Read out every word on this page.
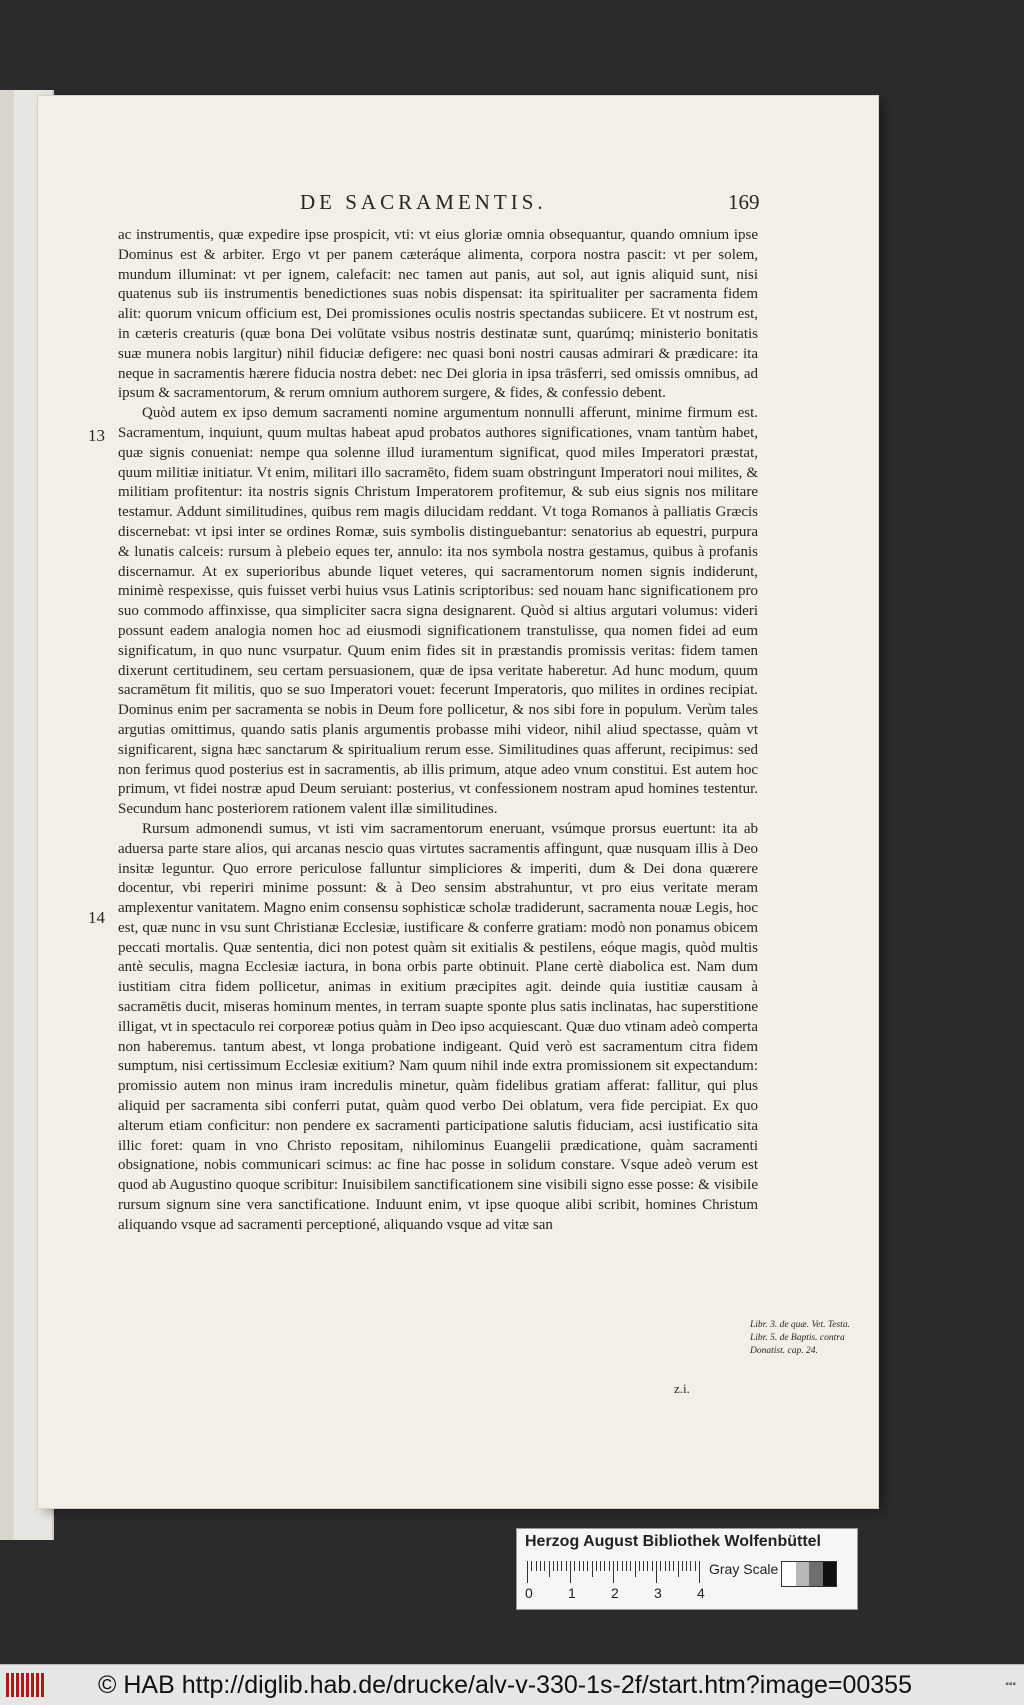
DE SACRAMENTIS.	169
13
14

ac instrumentis, quæ expedire ipse prospicit, vti: vt eius gloriæ omnia obsequantur, quando omnium ipse Dominus est & arbiter. Ergo vt per panem cæteráque alimenta, corpora nostra pascit: vt per solem, mundum illuminat: vt per ignem, calefacit: nec tamen aut panis, aut sol, aut ignis aliquid sunt, nisi quatenus sub iis instrumentis benedictiones suas nobis dispensat: ita spiritualiter per sacramenta fidem alit: quorum vnicum officium est, Dei promissiones oculis nostris spectandas subiicere. Et vt nostrum est, in cæteris creaturis (quæ bona Dei volūtate vsibus nostris destinatæ sunt, quarúmq; ministerio bonitatis suæ munera nobis largitur) nihil fiduciæ defigere: nec quasi boni nostri causas admirari & prædicare: ita neque in sacramentis hærere fiducia nostra debet: nec Dei gloria in ipsa trāsferri, sed omissis omnibus, ad ipsum & sacramentorum, & rerum omnium authorem surgere, & fides, & confessio debent.

Quòd autem ex ipso demum sacramenti nomine argumentum nonnulli afferunt, minime firmum est. Sacramentum, inquiunt, quum multas habeat apud probatos authores significationes, vnam tantùm habet, quæ signis conueniat: nempe qua solenne illud iuramentum significat, quod miles Imperatori præstat, quum militiæ initiatur. Vt enim, militari illo sacramēto, fidem suam obstringunt Imperatori noui milites, & militiam profitentur: ita nostris signis Christum Imperatorem profitemur, & sub eius signis nos militare testamur. Addunt similitudines, quibus rem magis dilucidam reddant. Vt toga Romanos à palliatis Græcis discernebat: vt ipsi inter se ordines Romæ, suis symbolis distinguebantur: senatorius ab equestri, purpura & lunatis calceis: rursum à plebeio eques ter, annulo: ita nos symbola nostra gestamus, quibus à profanis discernamur. At ex superioribus abunde liquet veteres, qui sacramentorum nomen signis indiderunt, minimè respexisse, quis fuisset verbi huius vsus Latinis scriptoribus: sed nouam hanc significationem pro suo commodo affinxisse, qua simpliciter sacra signa designarent. Quòd si altius argutari volumus: videri possunt eadem analogia nomen hoc ad eiusmodi significationem transtulisse, qua nomen fidei ad eum significatum, in quo nunc vsurpatur. Quum enim fides sit in præstandis promissis veritas: fidem tamen dixerunt certitudinem, seu certam persuasionem, quæ de ipsa veritate haberetur. Ad hunc modum, quum sacramētum fit militis, quo se suo Imperatori vouet: fecerunt Imperatoris, quo milites in ordines recipiat. Dominus enim per sacramenta se nobis in Deum fore pollicetur, & nos sibi fore in populum. Verùm tales argutias omittimus, quando satis planis argumentis probasse mihi videor, nihil aliud spectasse, quàm vt significarent, signa hæc sanctarum & spiritualium rerum esse. Similitudines quas afferunt, recipimus: sed non ferimus quod posterius est in sacramentis, ab illis primum, atque adeo vnum constitui. Est autem hoc primum, vt fidei nostræ apud Deum seruiant: posterius, vt confessionem nostram apud homines testentur. Secundum hanc posteriorem rationem valent illæ similitudines.

Rursum admonendi sumus, vt isti vim sacramentorum eneruant, vsúmque prorsus euertunt: ita ab aduersa parte stare alios, qui arcanas nescio quas virtutes sacramentis affingunt, quæ nusquam illis à Deo insitæ leguntur. Quo errore periculose falluntur simpliciores & imperiti, dum & Dei dona quærere docentur, vbi reperiri minime possunt: & à Deo sensim abstrahuntur, vt pro eius veritate meram amplexentur vanitatem. Magno enim consensu sophisticæ scholæ tradiderunt, sacramenta nouæ Legis, hoc est, quæ nunc in vsu sunt Christianæ Ecclesiæ, iustificare & conferre gratiam: modò non ponamus obicem peccati mortalis. Quæ sententia, dici non potest quàm sit exitialis & pestilens, eóque magis, quòd multis antè seculis, magna Ecclesiæ iactura, in bona orbis parte obtinuit. Plane certè diabolica est. Nam dum iustitiam citra fidem pollicetur, animas in exitium præcipites agit. deinde quia iustitiæ causam à sacramētis ducit, miseras hominum mentes, in terram suapte sponte plus satis inclinatas, hac superstitione illigat, vt in spectaculo rei corporeæ potius quàm in Deo ipso acquiescant. Quæ duo vtinam adeò comperta non haberemus. tantum abest, vt longa probatione indigeant. Quid verò est sacramentum citra fidem sumptum, nisi certissimum Ecclesiæ exitium? Nam quum nihil inde extra promissionem sit expectandum: promissio autem non minus iram incredulis minetur, quàm fidelibus gratiam afferat: fallitur, qui plus aliquid per sacramenta sibi conferri putat, quàm quod verbo Dei oblatum, vera fide percipiat. Ex quo alterum etiam conficitur: non pendere ex sacramenti participatione salutis fiduciam, acsi iustificatio sita illic foret: quam in vno Christo repositam, nihilominus Euangelii prædicatione, quàm sacramenti obsignatione, nobis communicari scimus: ac fine hac posse in solidum constare. Vsque adeò verum est quod ab Augustino quoque scribitur: Inuisibilem sanctificationem sine visibili signo esse posse: & visibile rursum signum sine vera sanctificatione. Induunt enim, vt ipse quoque alibi scribit, homines Christum aliquando vsque ad sacramenti perceptioné, aliquando vsque ad vitæ san

Libr. 3. de quæ. Vet. Testa. Libr. 5. de Baptis. contra Donatist. cap. 24.
z.i.
Herzog August Bibliothek Wolfenbüttel
0	1	2	3	4
Gray Scale
© HAB http://diglib.hab.de/drucke/alv-v-330-1s-2f/start.htm?image=00355	▪▪▪
